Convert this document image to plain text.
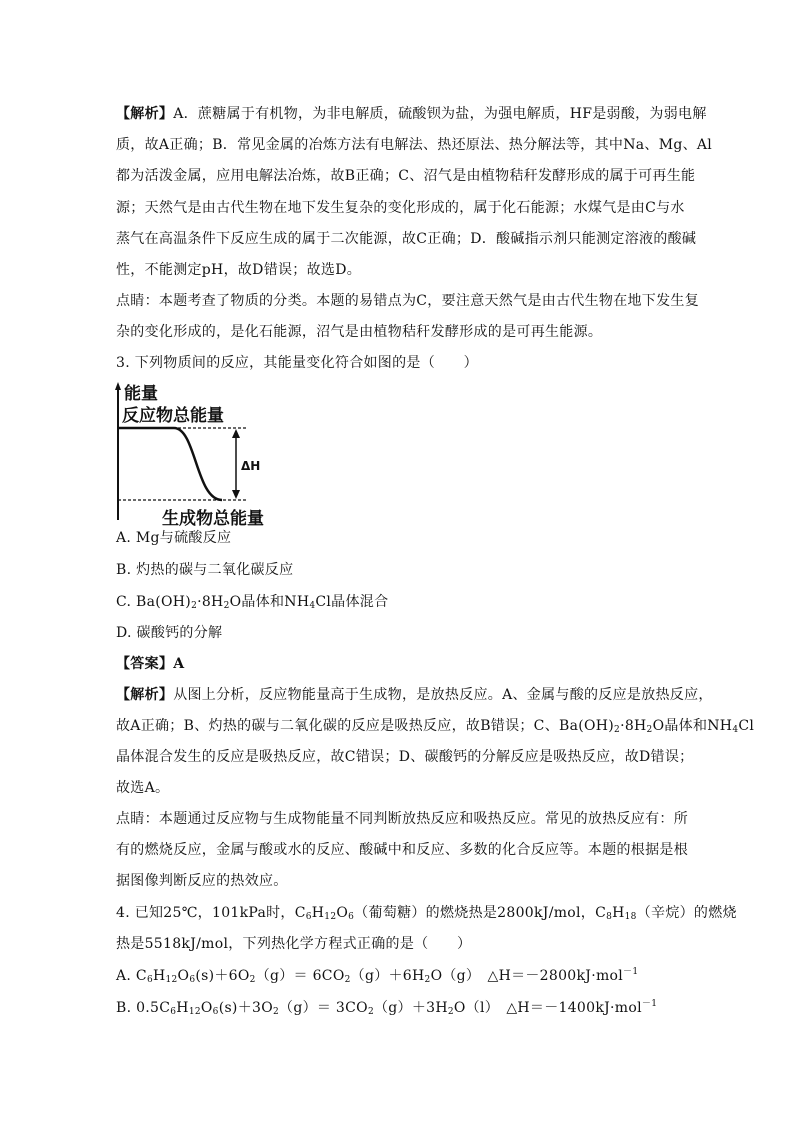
【解析】A．蔗糖属于有机物，为非电解质，硫酸钡为盐，为强电解质，HF是弱酸，为弱电解
质，故A正确；B．常见金属的冶炼方法有电解法、热还原法、热分解法等，其中Na、Mg、Al
都为活泼金属，应用电解法冶炼，故B正确；C、沼气是由植物秸秆发酵形成的属于可再生能
源；天然气是由古代生物在地下发生复杂的变化形成的，属于化石能源；水煤气是由C与水
蒸气在高温条件下反应生成的属于二次能源，故C正确；D．酸碱指示剂只能测定溶液的酸碱
性，不能测定pH，故D错误；故选D。
点睛：本题考查了物质的分类。本题的易错点为C，要注意天然气是由古代生物在地下发生复
杂的变化形成的，是化石能源，沼气是由植物秸秆发酵形成的是可再生能源。
3. 下列物质间的反应，其能量变化符合如图的是（　　）
能量
反应物总能量
ΔH
生成物总能量
A. Mg与硫酸反应
B. 灼热的碳与二氧化碳反应
C. $Ba(OH)_2\cdot 8H_2O$晶体和$NH_4Cl$晶体混合
D. 碳酸钙的分解
【答案】A
【解析】从图上分析，反应物能量高于生成物，是放热反应。A、金属与酸的反应是放热反应，
故A正确；B、灼热的碳与二氧化碳的反应是吸热反应，故B错误；C、$Ba(OH)_2\cdot 8H_2O$晶体和$NH_4Cl$
晶体混合发生的反应是吸热反应，故C错误；D、碳酸钙的分解反应是吸热反应，故D错误；
故选A。
点睛：本题通过反应物与生成物能量不同判断放热反应和吸热反应。常见的放热反应有：所
有的燃烧反应，金属与酸或水的反应、酸碱中和反应、多数的化合反应等。本题的根据是根
据图像判断反应的热效应。
4. 已知25℃，101kPa时，$C_6H_{12}O_6$（葡萄糖）的燃烧热是2800kJ/mol，$C_8H_{18}$（辛烷）的燃烧
热是5518kJ/mol，下列热化学方程式正确的是（　　）
A. $C_6H_{12}O_6(s)+6O_2(g)= 6CO_2(g)+6H_2O(g)$　△H＝－2800kJ·mol$^{-1}$
B. $0.5C_6H_{12}O_6(s)+3O_2(g)= 3CO_2(g)+3H_2O(l)$　△H＝－1400kJ·mol$^{-1}$
